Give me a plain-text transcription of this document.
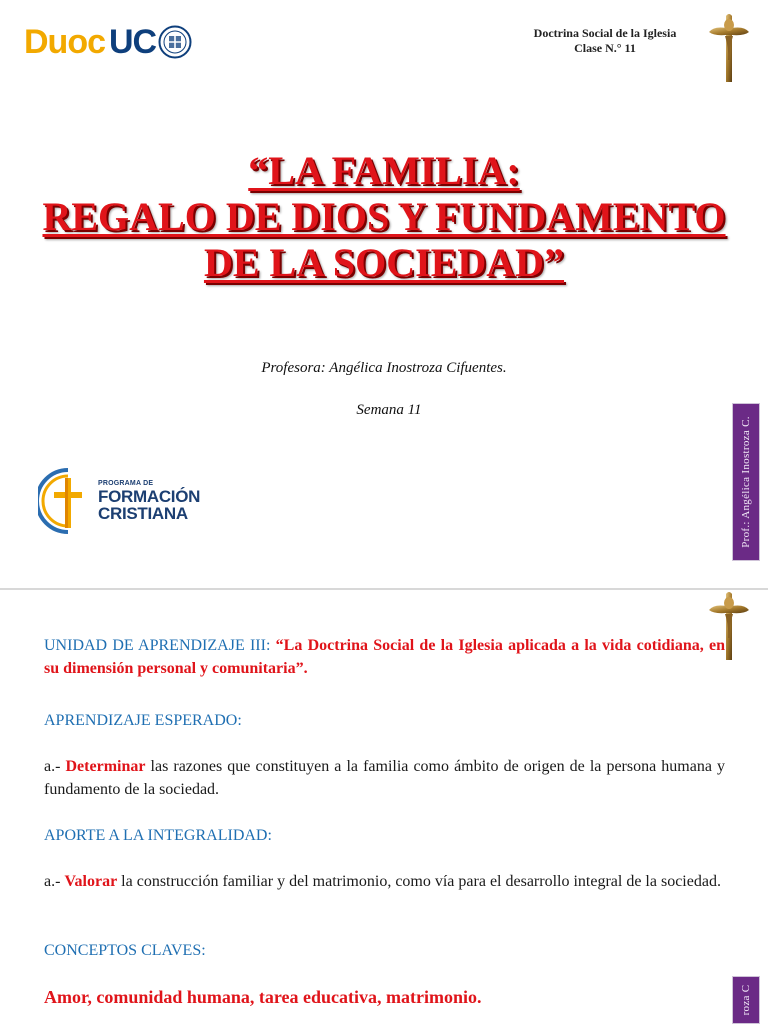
Duoc UC	Doctrina Social de la Iglesia
Clase N.° 11
“LA FAMILIA:
REGALO DE DIOS Y FUNDAMENTO
DE LA SOCIEDAD”
Profesora: Angélica Inostroza Cifuentes.
Semana 11
PROGRAMA DE
FORMACIÓN
CRISTIANA	Prof.: Angélica Inostroza C.

UNIDAD DE APRENDIZAJE III: “La Doctrina Social de la Iglesia aplicada a la vida cotidiana, en su dimensión personal y comunitaria”.

APRENDIZAJE ESPERADO:

a.- Determinar las razones que constituyen a la familia como ámbito de origen de la persona humana y fundamento de la sociedad.

APORTE A LA INTEGRALIDAD:

a.- Valorar la construcción familiar y del matrimonio, como vía para el desarrollo integral de la sociedad.

CONCEPTOS CLAVES:

Amor, comunidad humana, tarea educativa, matrimonio.	roza C
